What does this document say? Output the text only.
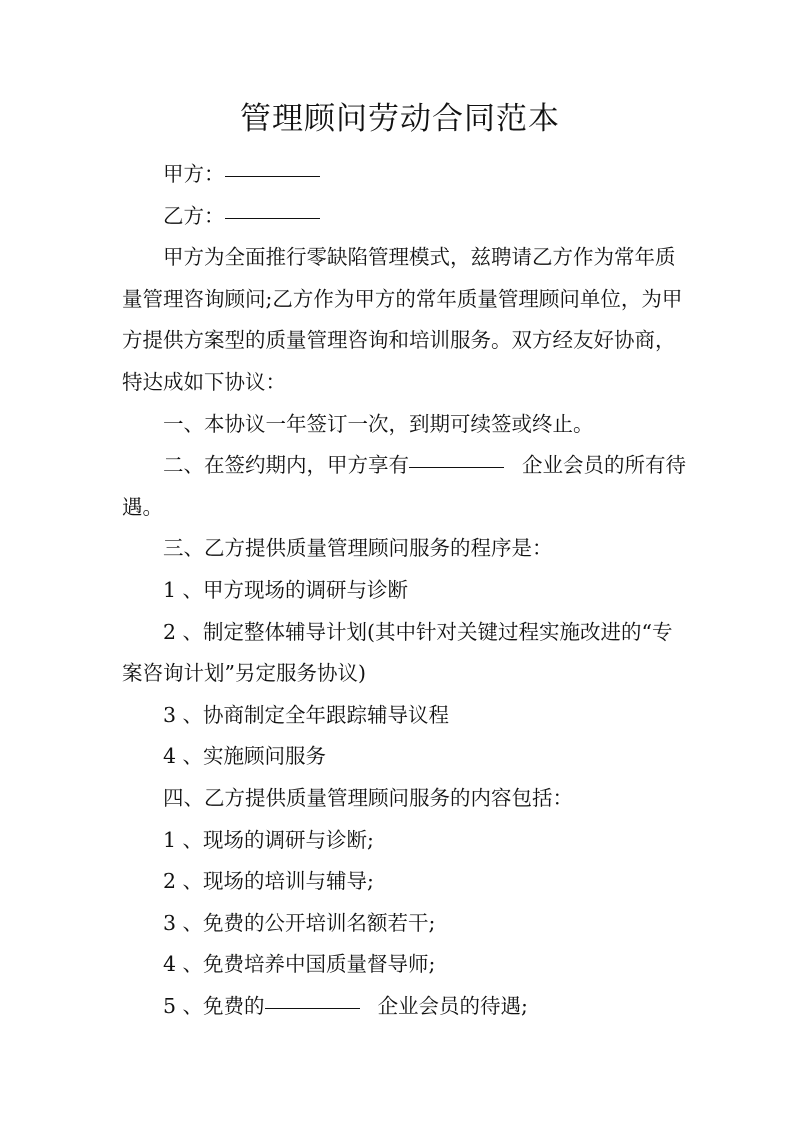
管理顾问劳动合同范本

甲方：

乙方：

甲方为全面推行零缺陷管理模式，兹聘请乙方作为常年质量管理咨询顾问;乙方作为甲方的常年质量管理顾问单位，为甲方提供方案型的质量管理咨询和培训服务。双方经友好协商，特达成如下协议：

一、本协议一年签订一次，到期可续签或终止。

二、在签约期内，甲方享有	企业会员的所有待遇。

三、乙方提供质量管理顾问服务的程序是：

1 、甲方现场的调研与诊断

2 、制定整体辅导计划(其中针对关键过程实施改进的“专案咨询计划”另定服务协议)

3 、协商制定全年跟踪辅导议程

4 、实施顾问服务

四、乙方提供质量管理顾问服务的内容包括：

1 、现场的调研与诊断;

2 、现场的培训与辅导;

3 、免费的公开培训名额若干;

4 、免费培养中国质量督导师;

5 、免费的	企业会员的待遇;
